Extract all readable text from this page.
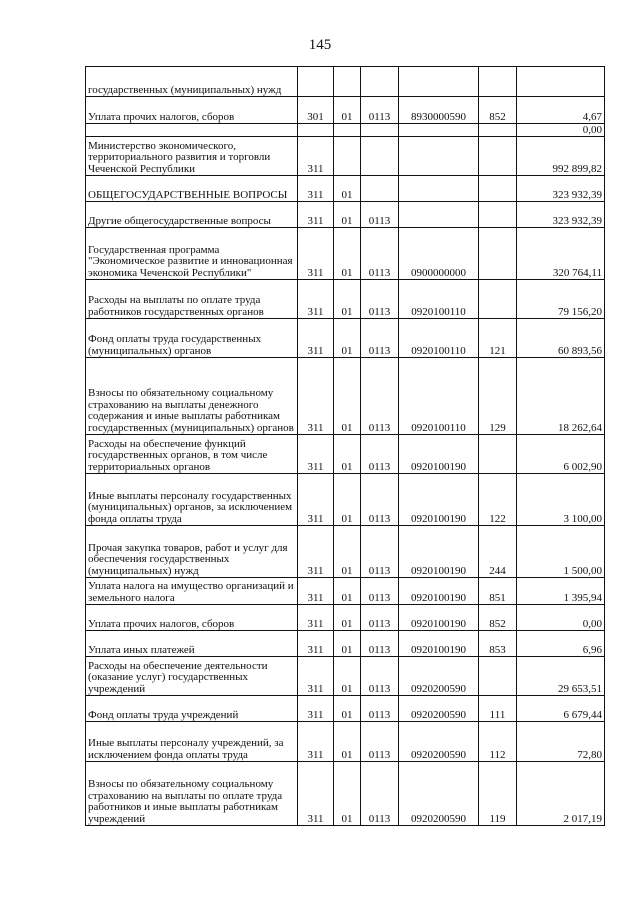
145
государственных (муниципальных) нужд						
Уплата прочих налогов, сборов	301	01	0113	8930000590	852	4,67
						0,00
Министерство экономического, территориального развития и торговли Чеченской Республики	311					992 899,82
ОБЩЕГОСУДАРСТВЕННЫЕ ВОПРОСЫ	311	01				323 932,39
Другие общегосударственные вопросы	311	01	0113			323 932,39
Государственная программа "Экономическое развитие и инновационная экономика Чеченской Республики"	311	01	0113	0900000000		320 764,11
Расходы на выплаты по оплате труда работников государственных органов	311	01	0113	0920100110		79 156,20
Фонд оплаты труда государственных (муниципальных) органов	311	01	0113	0920100110	121	60 893,56
Взносы по обязательному социальному страхованию на выплаты денежного содержания и иные выплаты работникам государственных (муниципальных) органов	311	01	0113	0920100110	129	18 262,64
Расходы на обеспечение функций государственных органов, в том числе территориальных органов	311	01	0113	0920100190		6 002,90
Иные выплаты персоналу государственных (муниципальных) органов, за исключением фонда оплаты труда	311	01	0113	0920100190	122	3 100,00
Прочая закупка товаров, работ и услуг для обеспечения государственных (муниципальных) нужд	311	01	0113	0920100190	244	1 500,00
Уплата налога на имущество организаций и земельного налога	311	01	0113	0920100190	851	1 395,94
Уплата прочих налогов, сборов	311	01	0113	0920100190	852	0,00
Уплата иных платежей	311	01	0113	0920100190	853	6,96
Расходы на обеспечение деятельности (оказание услуг) государственных учреждений	311	01	0113	0920200590		29 653,51
Фонд оплаты труда учреждений	311	01	0113	0920200590	111	6 679,44
Иные выплаты персоналу учреждений, за исключением фонда оплаты труда	311	01	0113	0920200590	112	72,80
Взносы по обязательному социальному страхованию на выплаты по оплате труда работников и иные выплаты работникам учреждений	311	01	0113	0920200590	119	2 017,19
